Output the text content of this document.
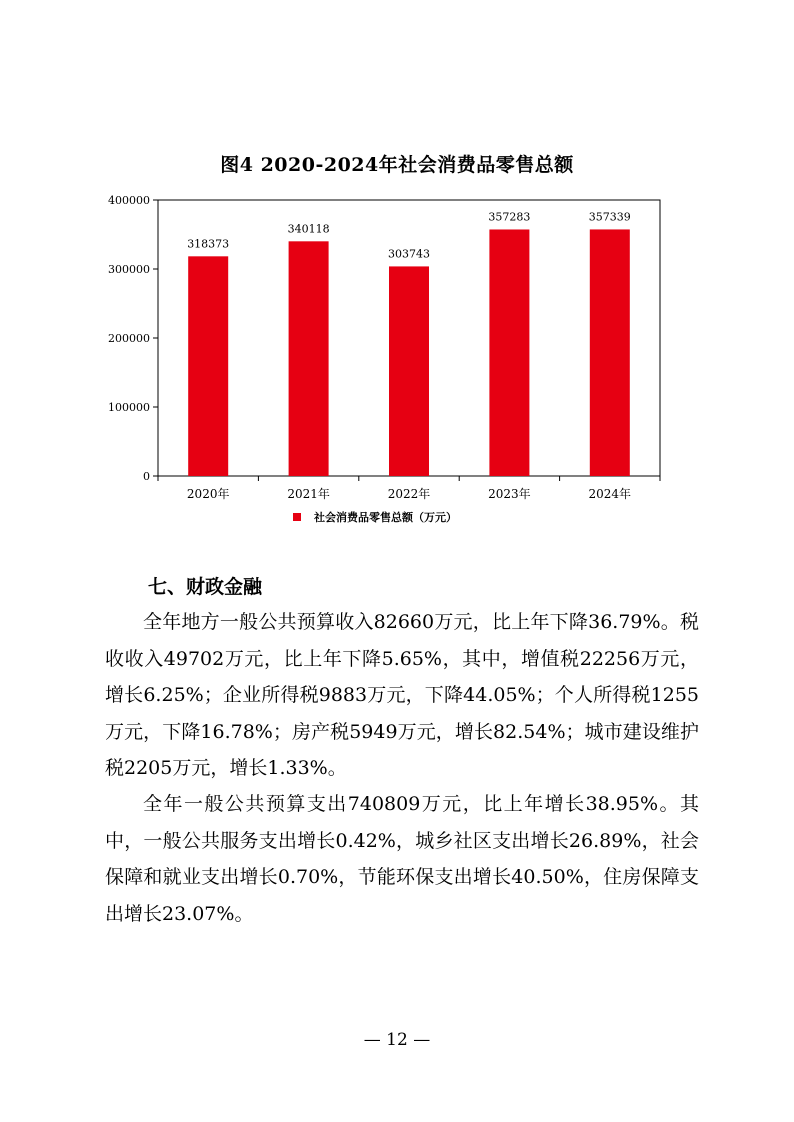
图4 2020-2024年社会消费品零售总额
0
100000
200000
300000
400000
318373
2020年
340118
2021年
303743
2022年
357283
2023年
357339
2024年
社会消费品零售总额（万元）
七、财政金融

全年地方一般公共预算收入82660万元，比上年下降36.79%。税收收入49702万元，比上年下降5.65%，其中，增值税22256万元，增长6.25%；企业所得税9883万元，下降44.05%；个人所得税1255万元，下降16.78%；房产税5949万元，增长82.54%；城市建设维护税2205万元，增长1.33%。

全年一般公共预算支出740809万元，比上年增长38.95%。其中，一般公共服务支出增长0.42%，城乡社区支出增长26.89%，社会保障和就业支出增长0.70%，节能环保支出增长40.50%，住房保障支出增长23.07%。

— 12 —
